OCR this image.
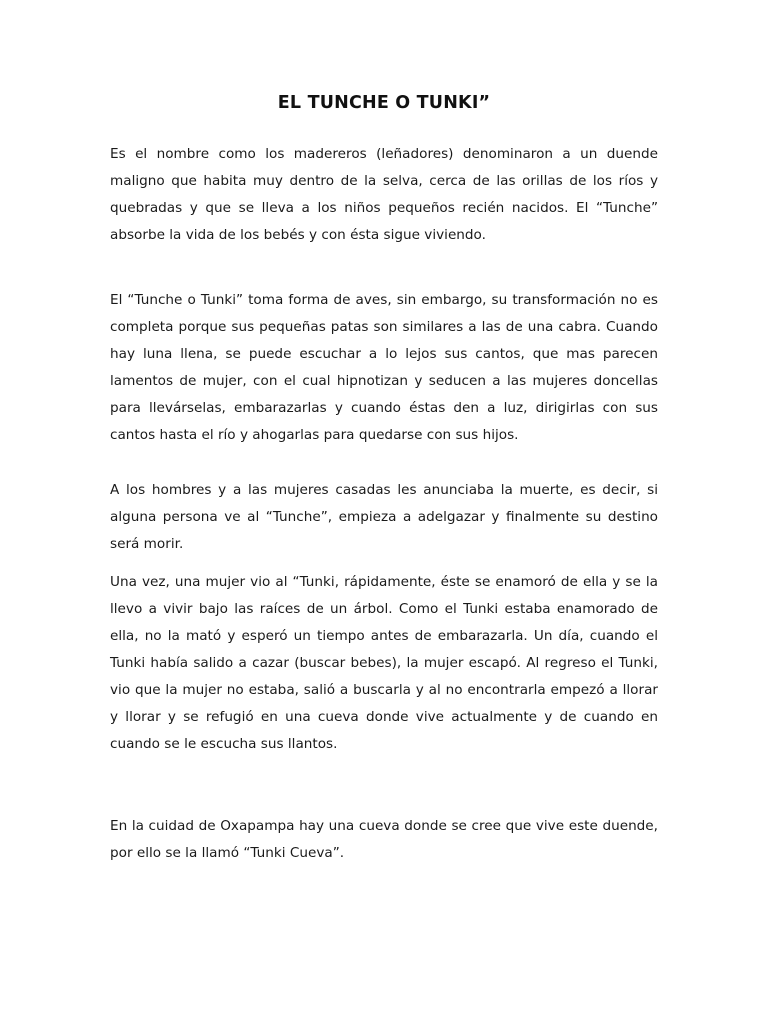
EL TUNCHE O TUNKI”

Es el nombre como los madereros (leñadores) denominaron a un duende maligno que habita muy dentro de la selva, cerca de las orillas de los ríos y quebradas y que se lleva a los niños pequeños recién nacidos. El “Tunche” absorbe la vida de los bebés y con ésta sigue viviendo.

El “Tunche o Tunki” toma forma de aves, sin embargo, su transformación no es completa porque sus pequeñas patas son similares a las de una cabra. Cuando hay luna llena, se puede escuchar a lo lejos sus cantos, que mas parecen lamentos de mujer, con el cual hipnotizan y seducen a las mujeres doncellas para llevárselas, embarazarlas y cuando éstas den a luz, dirigirlas con sus cantos hasta el río y ahogarlas para quedarse con sus hijos.

A los hombres y a las mujeres casadas les anunciaba la muerte, es decir, si alguna persona ve al “Tunche”, empieza a adelgazar y finalmente su destino será morir.

Una vez, una mujer vio al “Tunki, rápidamente, éste se enamoró de ella y se la llevo a vivir bajo las raíces de un árbol. Como el Tunki estaba enamorado de ella, no la mató y esperó un tiempo antes de embarazarla. Un día, cuando el Tunki había salido a cazar (buscar bebes), la mujer escapó. Al regreso el Tunki, vio que la mujer no estaba, salió a buscarla y al no encontrarla empezó a llorar y llorar y se refugió en una cueva donde vive actualmente y de cuando en cuando se le escucha sus llantos.

En la cuidad de Oxapampa hay una cueva donde se cree que vive este duende, por ello se la llamó “Tunki Cueva”.
